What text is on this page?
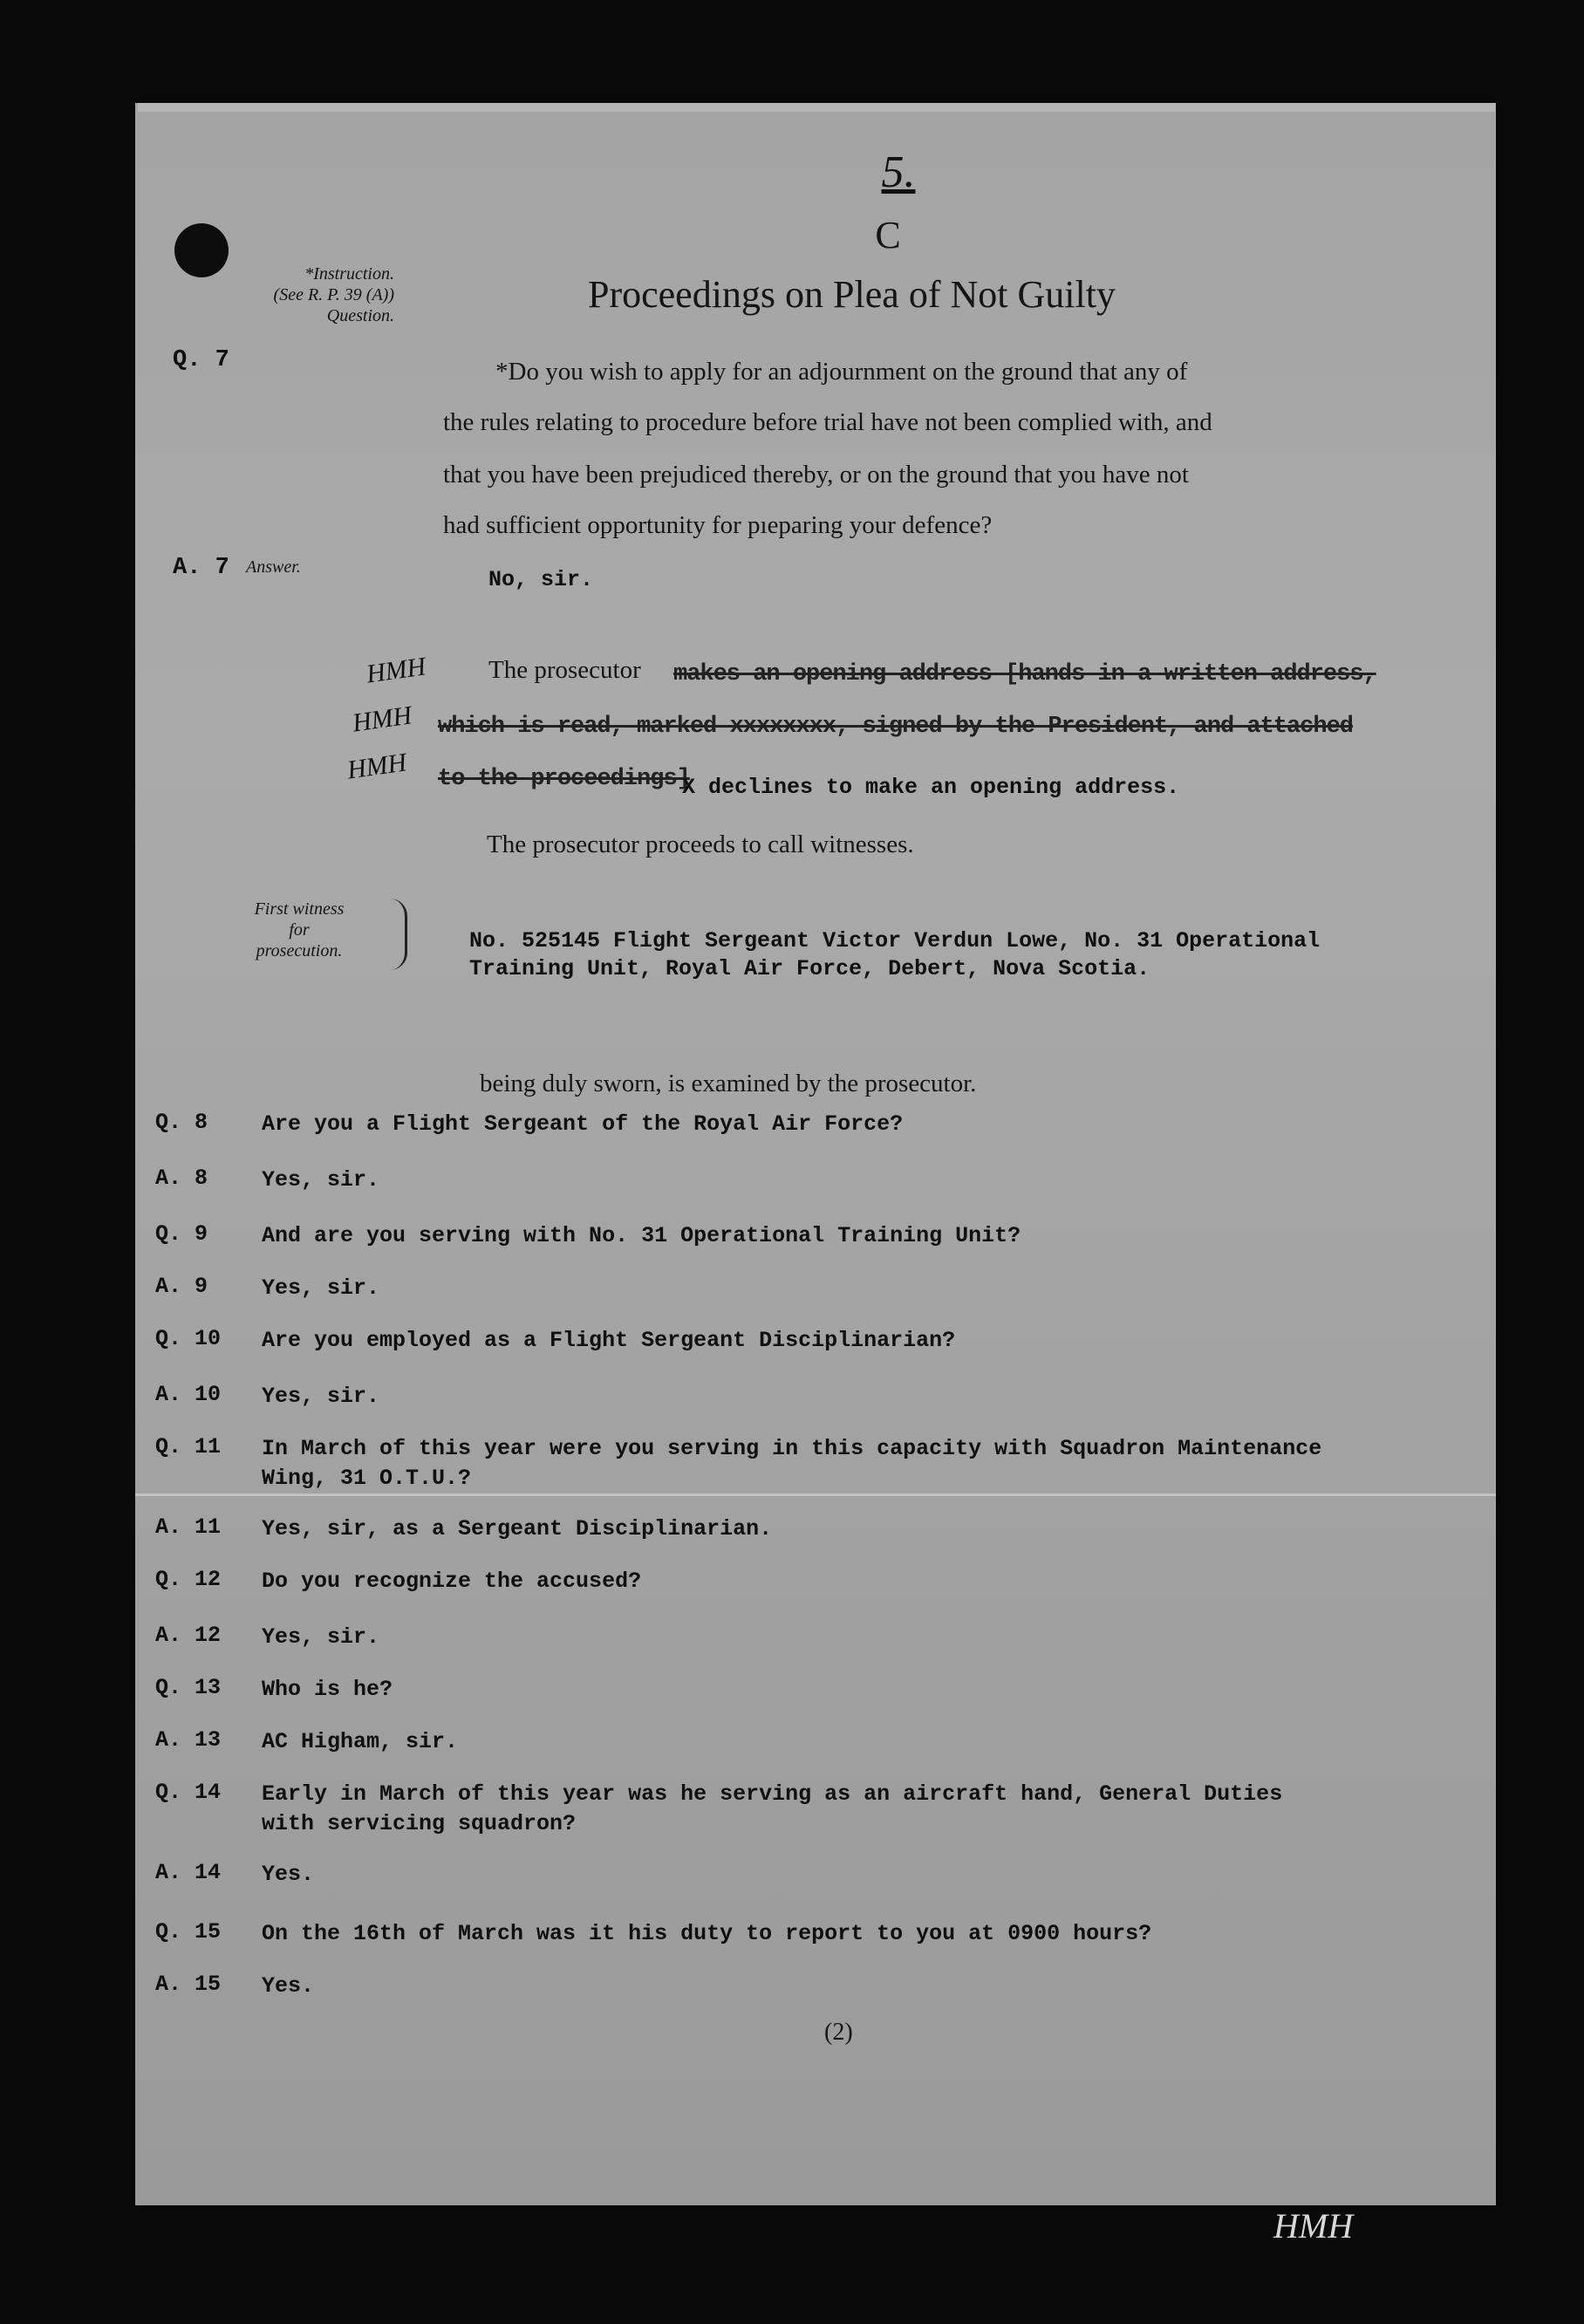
5.
C
Proceedings on Plea of Not Guilty
*Instruction.
(See R. P. 39 (A))
Question.
Q. 7	*Do you wish to apply for an adjournment on the ground that any of
the rules relating to procedure before trial have not been complied with, and
that you have been prejudiced thereby, or on the ground that you have not
had sufficient opportunity for pıeparing your defence?
A. 7 Answer.	No, sir.
HMH
HMH
HMH
The prosecutor makes an opening address [hands in a written address,
which is read, marked xxxxxxxx, signed by the President, and attached
to the proceedings]
X declines to make an opening address.
The prosecutor proceeds to call witnesses.
First witness
for
prosecution.	No. 525145 Flight Sergeant Victor Verdun Lowe, No. 31 Operational
Training Unit, Royal Air Force, Debert, Nova Scotia.
being duly sworn, is examined by the prosecutor.
Q. 8 Are you a Flight Sergeant of the Royal Air Force?
A. 8 Yes, sir.
Q. 9 And are you serving with No. 31 Operational Training Unit?
A. 9 Yes, sir.
Q. 10 Are you employed as a Flight Sergeant Disciplinarian?
A. 10 Yes, sir.
Q. 11 In March of this year were you serving in this capacity with Squadron Maintenance
Wing, 31 O.T.U.?
A. 11 Yes, sir, as a Sergeant Disciplinarian.
Q. 12 Do you recognize the accused?
A. 12 Yes, sir.
Q. 13 Who is he?
A. 13 AC Higham, sir.
Q. 14 Early in March of this year was he serving as an aircraft hand, General Duties
with servicing squadron?
A. 14 Yes.
Q. 15 On the 16th of March was it his duty to report to you at 0900 hours?
A. 15 Yes.
(2)
HMH
